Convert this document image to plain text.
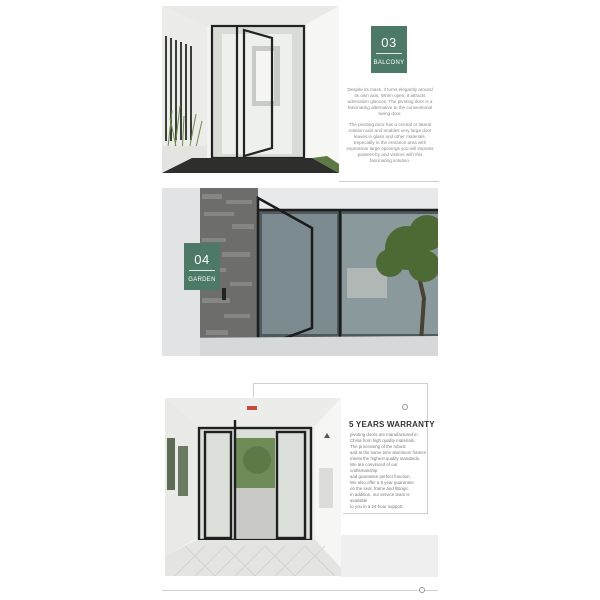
03
BALCONY

Despite its mass, it turns elegantly around its own axis. When open, it attracts admiration glances. The pivoting door is a fascinating alternative to the conventional swing door.

The pivoting door has a central or lateral rotation axis and enables very large door leaves in glass and other materials. Especially in the entrance area with impressive large openings you will impress passers-by and visitors with this fascinating solution.

04
GARDEN
5 YEARS WARRANTY
pivoting doors are manufactured in
China from high quality materials.
The processing of the robust
and at the same time aluminum frames
meets the highest quality standards.
We are convinced of our craftsmanship
and guarantee perfect function.
We also offer a 5 year guarantee
on the seal, frame and fittings.
In addition, our service team is available
to you in a 24-hour support.
